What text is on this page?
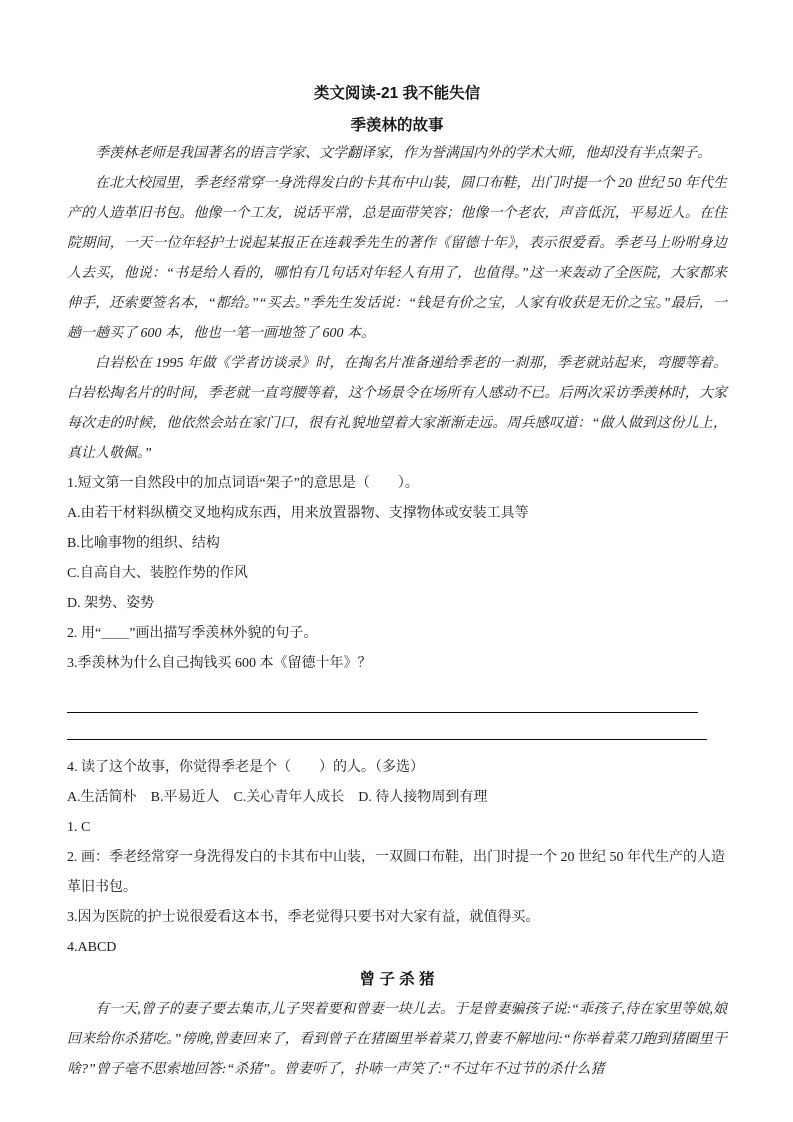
类文阅读-21 我不能失信
季羡林的故事

季羡林老师是我国著名的语言学家、文学翻译家，作为誉满国内外的学术大师，他却没有半点架子。

在北大校园里，季老经常穿一身洗得发白的卡其布中山装，圆口布鞋，出门时提一个 20 世纪 50 年代生产的人造革旧书包。他像一个工友，说话平常，总是面带笑容；他像一个老农，声音低沉，平易近人。在住院期间，一天一位年轻护士说起某报正在连载季先生的著作《留德十年》，表示很爱看。季老马上吩咐身边人去买，他说：“书是给人看的，哪怕有几句话对年轻人有用了，也值得。”这一来轰动了全医院，大家都来伸手，还索要签名本，“都给。”“买去。”季先生发话说：“钱是有价之宝，人家有收获是无价之宝。”最后，一趟一趟买了 600 本，他也一笔一画地签了 600 本。

白岩松在 1995 年做《学者访谈录》时，在掏名片准备递给季老的一刹那，季老就站起来，弯腰等着。白岩松掏名片的时间，季老就一直弯腰等着，这个场景令在场所有人感动不已。后两次采访季羡林时，大家每次走的时候，他依然会站在家门口，很有礼貌地望着大家渐渐走远。周兵感叹道：“做人做到这份儿上，真让人敬佩。”

1.短文第一自然段中的加点词语“架子”的意思是（　　）。

A.由若干材料纵横交叉地构成东西，用来放置器物、支撑物体或安装工具等

B.比喻事物的组织、结构

C.自高自大、装腔作势的作风

D. 架势、姿势

2. 用“＿＿”画出描写季羡林外貌的句子。

3.季羡林为什么自己掏钱买 600 本《留德十年》？

4. 读了这个故事，你觉得季老是个（　　）的人。（多选）

A.生活简朴　B.平易近人　C.关心青年人成长　D. 待人接物周到有理

1. C

2. 画：季老经常穿一身洗得发白的卡其布中山装，一双圆口布鞋，出门时提一个 20 世纪 50 年代生产的人造革旧书包。

3.因为医院的护士说很爱看这本书，季老觉得只要书对大家有益，就值得买。

4.ABCD

曾 子 杀 猪

有一天,曾子的妻子要去集市,儿子哭着要和曾妻一块儿去。于是曾妻骗孩子说:“乖孩子,待在家里等娘,娘回来给你杀猪吃。”傍晚,曾妻回来了，看到曾子在猪圈里举着菜刀,曾妻不解地问:“你举着菜刀跑到猪圈里干啥?”曾子毫不思索地回答:“杀猪”。曾妻听了，扑哧一声笑了:“不过年不过节的杀什么猪
